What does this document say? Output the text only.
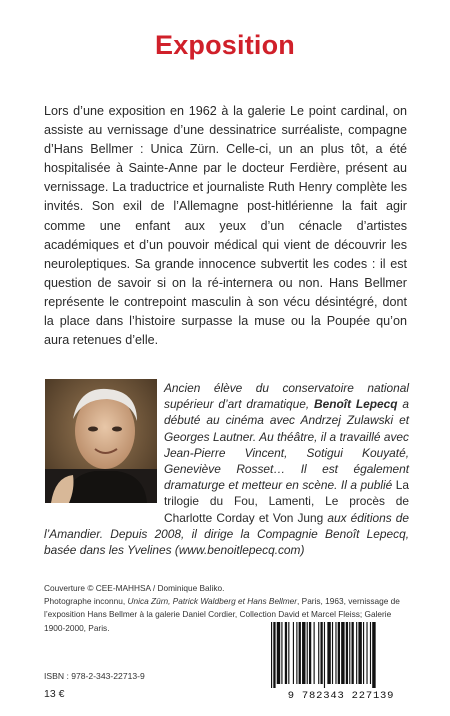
Exposition

Lors d’une exposition en 1962 à la galerie Le point cardinal, on assiste au vernissage d’une dessinatrice surréaliste, compagne d’Hans Bellmer : Unica Zürn. Celle-ci, un an plus tôt, a été hospitalisée à Sainte-Anne par le docteur Ferdière, présent au vernissage. La traductrice et journaliste Ruth Henry complète les invités. Son exil de l’Allemagne post-hitlérienne la fait agir comme une enfant aux yeux d’un cénacle d’artistes académiques et d’un pouvoir médical qui vient de découvrir les neuroleptiques. Sa grande innocence subvertit les codes : il est question de savoir si on la ré-internera ou non. Hans Bellmer représente le contrepoint masculin à son vécu désintégré, dont la place dans l’histoire surpasse la muse ou la Poupée qu’on aura retenues d’elle.

Ancien élève du conservatoire national supérieur d’art dramatique, Benoît Lepecq a débuté au cinéma avec Andrzej Zulawski et Georges Lautner. Au théâtre, il a travaillé avec Jean-Pierre Vincent, Sotigui Kouyaté, Geneviève Rosset… Il est également dramaturge et metteur en scène. Il a publié La trilogie du Fou, Lamenti, Le procès de Charlotte Corday et Von Jung aux éditions de l’Amandier. Depuis 2008, il dirige la Compagnie Benoît Lepecq, basée dans les Yvelines (www.benoitlepecq.com)

Couverture © CEE-MAHHSA / Dominique Baliko.
Photographe inconnu, Unica Zürn, Patrick Waldberg et Hans Bellmer, Paris, 1963, vernissage de l’exposition Hans Bellmer à la galerie Daniel Cordier, Collection David et Marcel Fleiss; Galerie 1900-2000, Paris.
ISBN : 978-2-343-22713-9
13 €	9 782343 227139
